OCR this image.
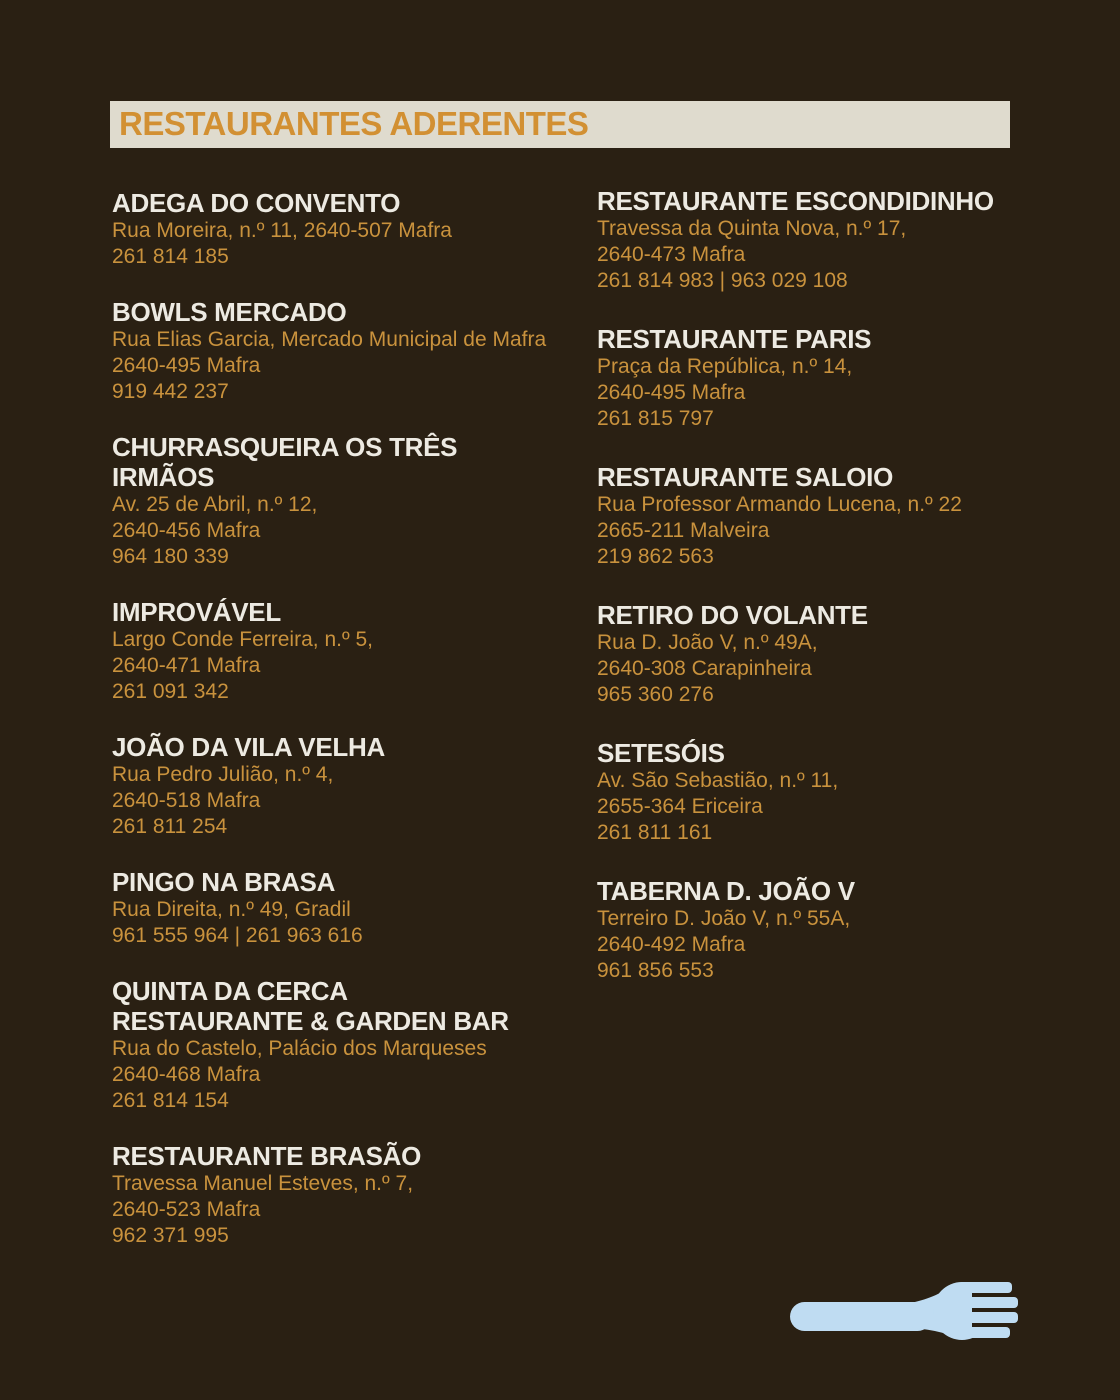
RESTAURANTES ADERENTES
ADEGA DO CONVENTO

Rua Moreira, n.º 11, 2640-507 Mafra

261 814 185

BOWLS MERCADO

Rua Elias Garcia, Mercado Municipal de Mafra

2640-495 Mafra

919 442 237

CHURRASQUEIRA OS TRÊS
IRMÃOS

Av. 25 de Abril, n.º 12,

2640-456 Mafra

964 180 339

IMPROVÁVEL

Largo Conde Ferreira, n.º 5,

2640-471 Mafra

261 091 342

JOÃO DA VILA VELHA

Rua Pedro Julião, n.º 4,

2640-518 Mafra

261 811 254

PINGO NA BRASA

Rua Direita, n.º 49, Gradil

961 555 964 | 261 963 616

QUINTA DA CERCA
RESTAURANTE & GARDEN BAR

Rua do Castelo, Palácio dos Marqueses

2640-468 Mafra

261 814 154

RESTAURANTE BRASÃO

Travessa Manuel Esteves, n.º 7,

2640-523 Mafra

962 371 995

RESTAURANTE ESCONDIDINHO

Travessa da Quinta Nova, n.º 17,

2640-473 Mafra

261 814 983 | 963 029 108

RESTAURANTE PARIS

Praça da República, n.º 14,

2640-495 Mafra

261 815 797

RESTAURANTE SALOIO

Rua Professor Armando Lucena, n.º 22

2665-211 Malveira

219 862 563

RETIRO DO VOLANTE

Rua D. João V, n.º 49A,

2640-308 Carapinheira

965 360 276

SETESÓIS

Av. São Sebastião, n.º 11,

2655-364 Ericeira

261 811 161

TABERNA D. JOÃO V

Terreiro D. João V, n.º 55A,

2640-492 Mafra

961 856 553
